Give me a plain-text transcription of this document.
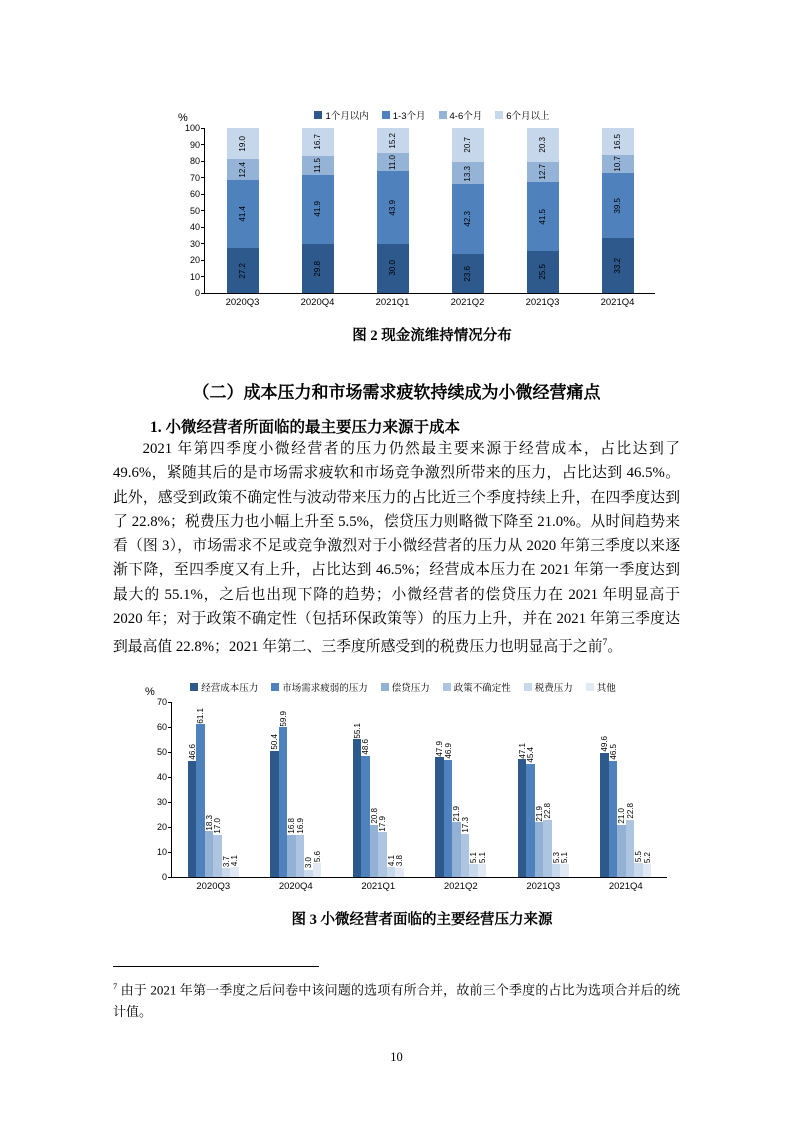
1个月以内	1-3个月	4-6个月	6个月以上
%
0
10
20
30
40
50
60
70
80
90
100
2020Q3	2020Q4	2021Q1	2021Q2	2021Q3	2021Q4
27.2
41.4
12.4
19.0
29.8
41.9
11.5
16.7
30.0
43.9
11.0
15.2
23.6
42.3
13.3
20.7
25.5
41.5
12.7
20.3
33.2
39.5
10.7
16.5
图 2 现金流维持情况分布
（二）成本压力和市场需求疲软持续成为小微经营痛点
1. 小微经营者所面临的最主要压力来源于成本

2021 年第四季度小微经营者的压力仍然最主要来源于经营成本，占比达到了 49.6%，紧随其后的是市场需求疲软和市场竞争激烈所带来的压力，占比达到 46.5%。此外，感受到政策不确定性与波动带来压力的占比近三个季度持续上升，在四季度达到了 22.8%；税费压力也小幅上升至 5.5%，偿贷压力则略微下降至 21.0%。从时间趋势来看（图 3），市场需求不足或竞争激烈对于小微经营者的压力从 2020 年第三季度以来逐渐下降，至四季度又有上升，占比达到 46.5%；经营成本压力在 2021 年第一季度达到最大的 55.1%，之后也出现下降的趋势；小微经营者的偿贷压力在 2021 年明显高于 2020 年；对于政策不确定性（包括环保政策等）的压力上升，并在 2021 年第三季度达到最高值 22.8%；2021 年第二、三季度所感受到的税费压力也明显高于之前$^7$。

经营成本压力	市场需求疲弱的压力	偿贷压力	政策不确定性	税费压力	其他
%
0
10
20
30
40
50
60
70
2020Q3	2020Q4	2021Q1	2021Q2	2021Q3	2021Q4
46.6
61.1
18.3 17.0
3.7 4.1
50.4
59.9
16.8 16.9
3.0
5.6
55.1
48.6
20.8 17.9
4.1 3.8
47.9 46.9
21.9
17.3
5.1 5.1
47.1 45.4
21.9 22.8
5.3 5.1
49.6 46.5
21.0 22.8
5.5 5.2
图 3 小微经营者面临的主要经营压力来源

$^7$ 由于 2021 年第一季度之后问卷中该问题的选项有所合并，故前三个季度的占比为选项合并后的统计值。

10
